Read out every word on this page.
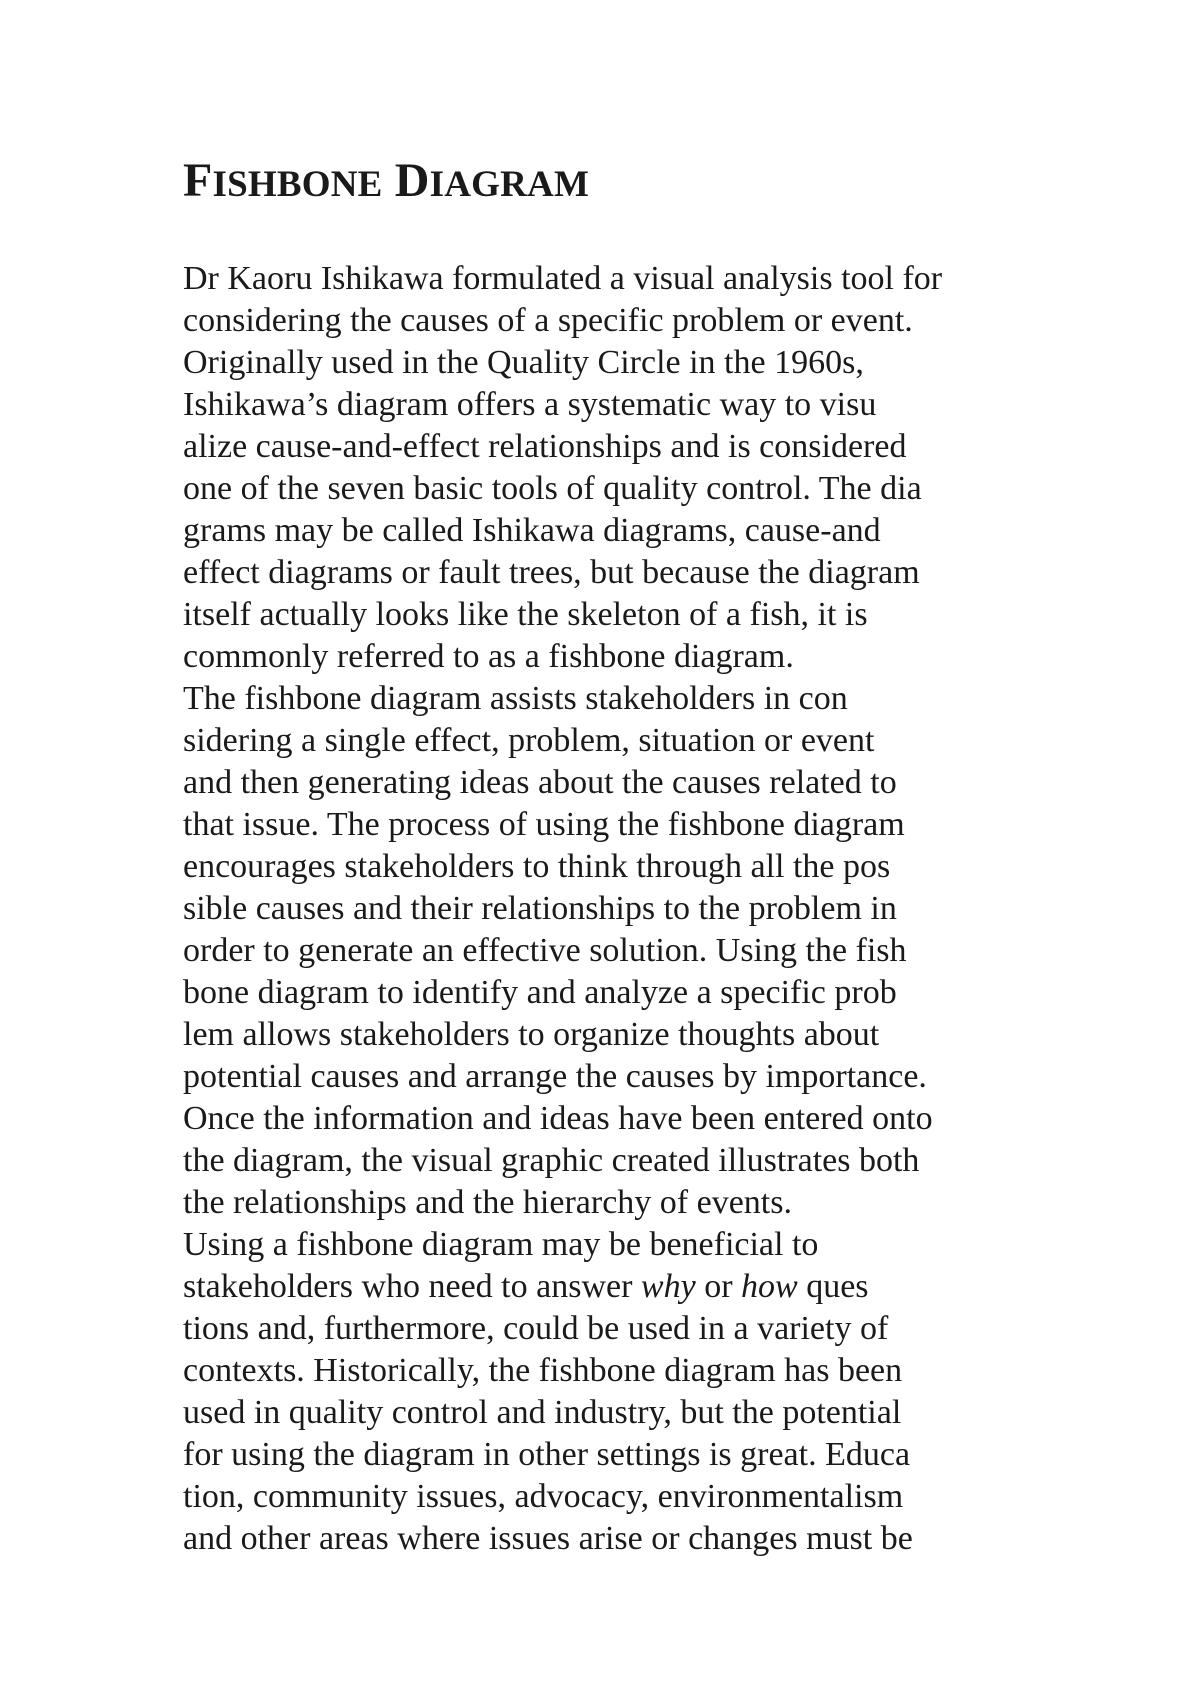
FISHBONE DIAGRAM
Dr Kaoru Ishikawa formulated a visual analysis tool for
considering the causes of a specific problem or event.
Originally used in the Quality Circle in the 1960s,
Ishikawa’s diagram offers a systematic way to visu
alize cause-and-effect relationships and is considered
one of the seven basic tools of quality control. The dia
grams may be called Ishikawa diagrams, cause-and
effect diagrams or fault trees, but because the diagram
itself actually looks like the skeleton of a fish, it is
commonly referred to as a fishbone diagram.
The fishbone diagram assists stakeholders in con
sidering a single effect, problem, situation or event
and then generating ideas about the causes related to
that issue. The process of using the fishbone diagram
encourages stakeholders to think through all the pos
sible causes and their relationships to the problem in
order to generate an effective solution. Using the fish
bone diagram to identify and analyze a specific prob
lem allows stakeholders to organize thoughts about
potential causes and arrange the causes by importance.
Once the information and ideas have been entered onto
the diagram, the visual graphic created illustrates both
the relationships and the hierarchy of events.
Using a fishbone diagram may be beneficial to
stakeholders who need to answer why or how ques
tions and, furthermore, could be used in a variety of
contexts. Historically, the fishbone diagram has been
used in quality control and industry, but the potential
for using the diagram in other settings is great. Educa
tion, community issues, advocacy, environmentalism
and other areas where issues arise or changes must be
